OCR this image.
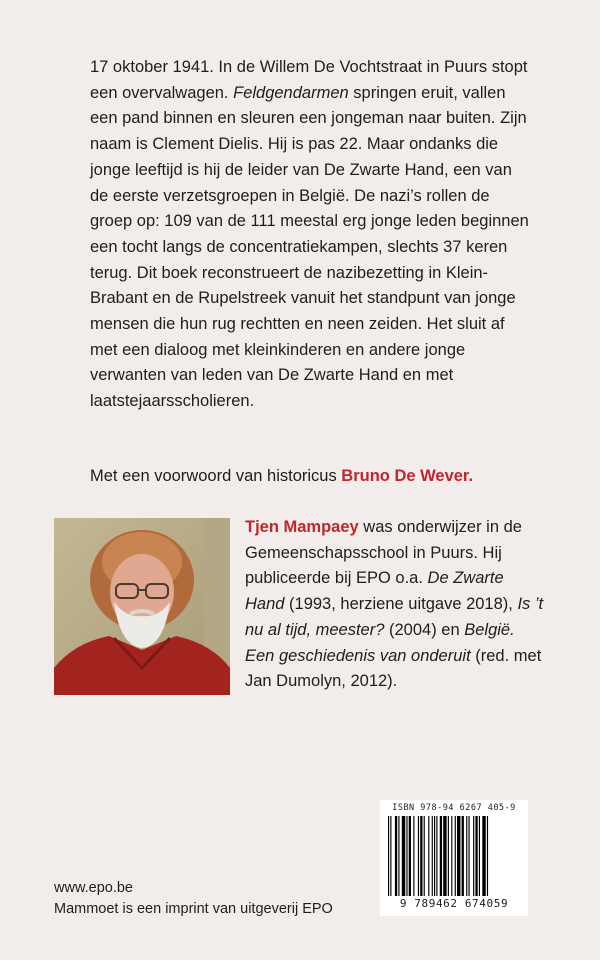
17 oktober 1941. In de Willem De Vochtstraat in Puurs stopt een overvalwagen. Feldgendarmen springen eruit, vallen een pand binnen en sleuren een jongeman naar buiten. Zijn naam is Clement Dielis. Hij is pas 22. Maar ondanks die jonge leeftijd is hij de leider van De Zwarte Hand, een van de eerste verzetsgroepen in België. De nazi’s rollen de groep op: 109 van de 111 meestal erg jonge leden beginnen een tocht langs de concentratiekampen, slechts 37 keren terug. Dit boek reconstrueert de nazibezetting in Klein-Brabant en de Rupelstreek vanuit het standpunt van jonge mensen die hun rug rechtten en neen zeiden. Het sluit af met een dialoog met kleinkinderen en andere jonge verwanten van leden van De Zwarte Hand en met laatstejaarsscholieren.

Met een voorwoord van historicus Bruno De Wever.

Tjen Mampaey was onderwijzer in de Gemeenschapsschool in Puurs. Hij publiceerde bij EPO o.a. De Zwarte Hand (1993, herziene uitgave 2018), Is ’t nu al tijd, meester? (2004) en België. Een geschiedenis van onderuit (red. met Jan Dumolyn, 2012).

ISBN 978-94 6267 405-9
9 789462 674059
www.epo.be
Mammoet is een imprint van uitgeverij EPO
